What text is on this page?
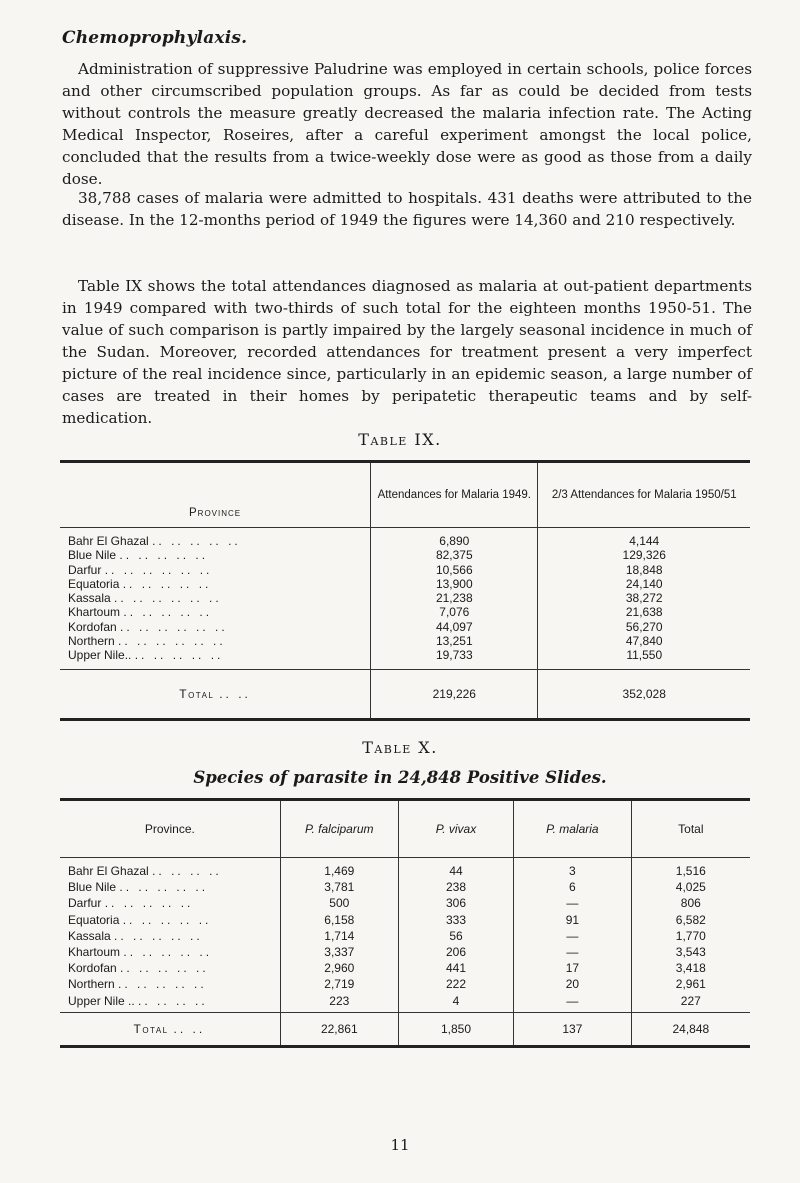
Chemoprophylaxis.

Administration of suppressive Paludrine was employed in certain schools, police forces and other circumscribed population groups. As far as could be decided from tests without controls the measure greatly decreased the malaria infection rate. The Acting Medical Inspector, Roseires, after a careful experiment amongst the local police, concluded that the results from a twice-weekly dose were as good as those from a daily dose.

38,788 cases of malaria were admitted to hospitals. 431 deaths were attributed to the disease. In the 12-months period of 1949 the figures were 14,360 and 210 respectively.

Table IX shows the total attendances diagnosed as malaria at out-patient departments in 1949 compared with two-thirds of such total for the eighteen months 1950-51. The value of such comparison is partly impaired by the largely seasonal incidence in much of the Sudan. Moreover, recorded attendances for treatment present a very imperfect picture of the real incidence since, particularly in an epidemic season, a large number of cases are treated in their homes by peripatetic therapeutic teams and by self-medication.

Table IX.
Province	Attendances for Malaria 1949.	2/3 Attendances for Malaria 1950/51
Bahr El Ghazal .. .. .. .. ..	6,890	4,144
Blue Nile .. .. .. .. ..	82,375	129,326
Darfur .. .. .. .. .. ..	10,566	18,848
Equatoria .. .. .. .. ..	13,900	24,140
Kassala .. .. .. .. .. ..	21,238	38,272
Khartoum .. .. .. .. ..	7,076	21,638
Kordofan .. .. .. .. .. ..	44,097	56,270
Northern .. .. .. .. .. ..	13,251	47,840
Upper Nile.. .. .. .. .. ..	19,733	11,550
Total .. ..	219,226	352,028
Table X.
Species of parasite in 24,848 Positive Slides.
Province.	P. falciparum	P. vivax	P. malaria	Total
Bahr El Ghazal .. .. .. ..	1,469	44	3	1,516
Blue Nile .. .. .. .. ..	3,781	238	6	4,025
Darfur .. .. .. .. ..	500	306	—	806
Equatoria .. .. .. .. ..	6,158	333	91	6,582
Kassala .. .. .. .. ..	1,714	56	—	1,770
Khartoum .. .. .. .. ..	3,337	206	—	3,543
Kordofan .. .. .. .. ..	2,960	441	17	3,418
Northern .. .. .. .. ..	2,719	222	20	2,961
Upper Nile .. .. .. .. ..	223	4	—	227
Total .. ..	22,861	1,850	137	24,848
11
